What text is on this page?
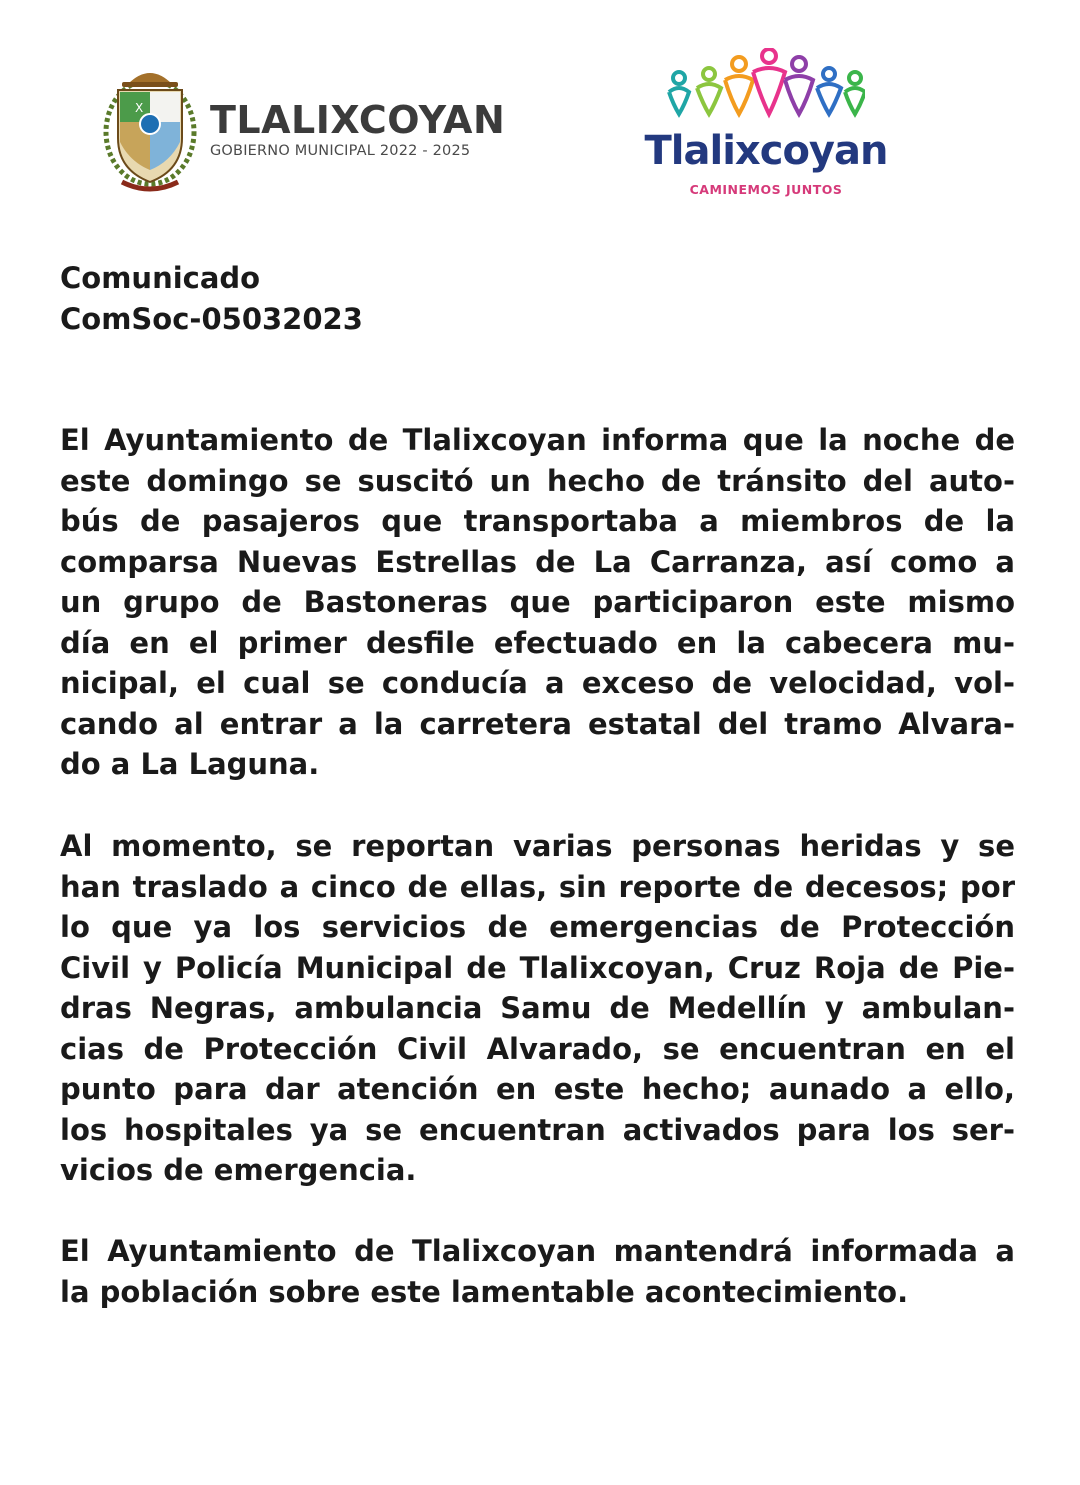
X TLALIXCOYAN
GOBIERNO MUNICIPAL 2022 - 2025	Tlalixcoyan
CAMINEMOS JUNTOS
Comunicado
ComSoc-05032023
El Ayuntamiento de Tlalixcoyan informa que la noche de
este domingo se suscitó un hecho de tránsito del auto-
bús de pasajeros que transportaba a miembros de la
comparsa Nuevas Estrellas de La Carranza, así como a
un grupo de Bastoneras que participaron este mismo
día en el primer desfile efectuado en la cabecera mu-
nicipal, el cual se conducía a exceso de velocidad, vol-
cando al entrar a la carretera estatal del tramo Alvara-
do a La Laguna.
Al momento, se reportan varias personas heridas y se
han traslado a cinco de ellas, sin reporte de decesos; por
lo que ya los servicios de emergencias de Protección
Civil y Policía Municipal de Tlalixcoyan, Cruz Roja de Pie-
dras Negras, ambulancia Samu de Medellín y ambulan-
cias de Protección Civil Alvarado, se encuentran en el
punto para dar atención en este hecho; aunado a ello,
los hospitales ya se encuentran activados para los ser-
vicios de emergencia.
El Ayuntamiento de Tlalixcoyan mantendrá informada a
la población sobre este lamentable acontecimiento.
